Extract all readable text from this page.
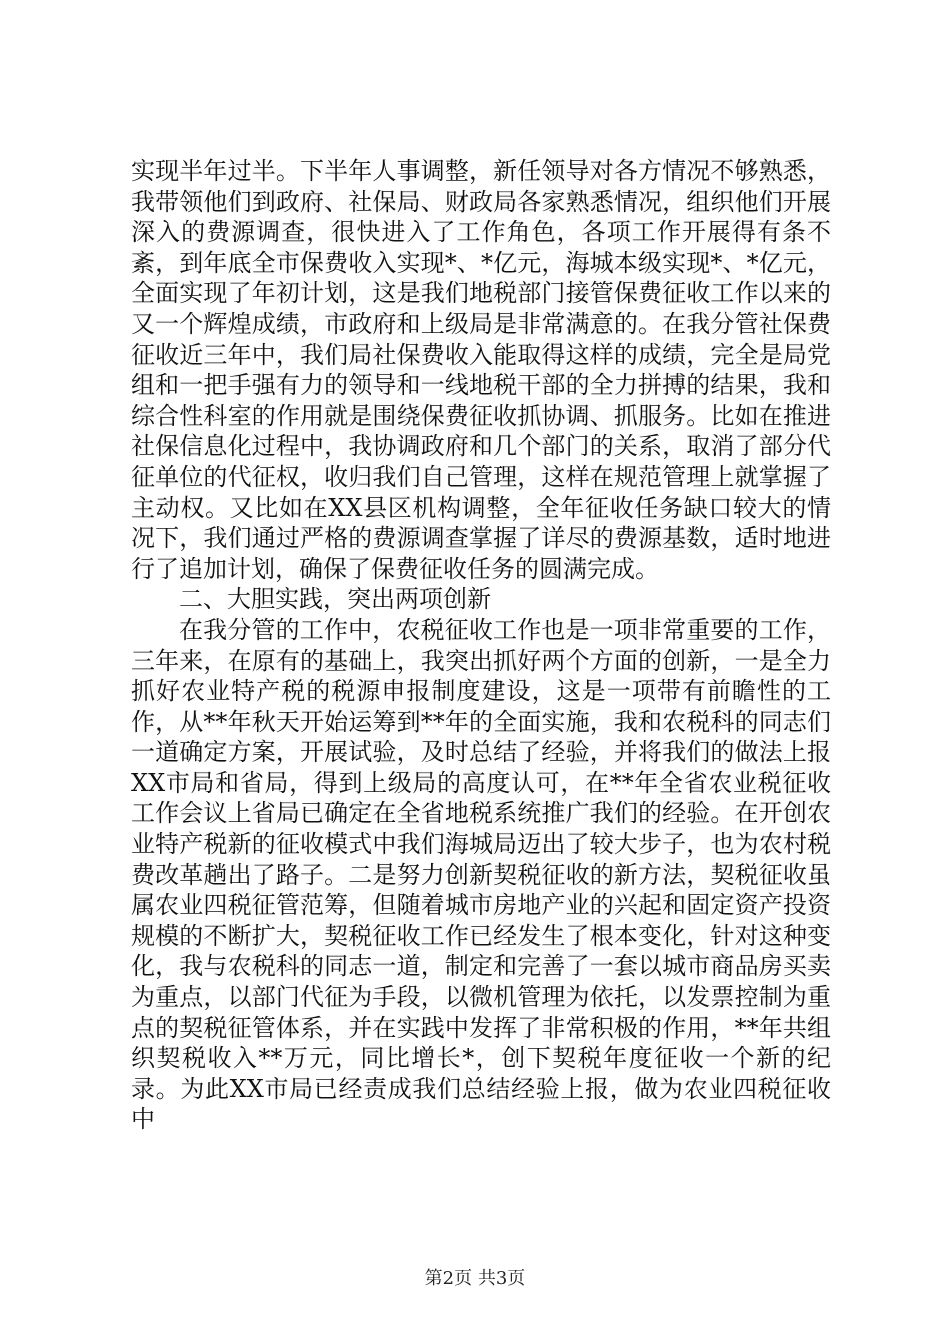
实现半年过半。下半年人事调整，新任领导对各方情况不够熟悉，我带领他们到政府、社保局、财政局各家熟悉情况，组织他们开展深入的费源调查，很快进入了工作角色，各项工作开展得有条不紊，到年底全市保费收入实现*、*亿元，海城本级实现*、*亿元，全面实现了年初计划，这是我们地税部门接管保费征收工作以来的又一个辉煌成绩，市政府和上级局是非常满意的。在我分管社保费征收近三年中，我们局社保费收入能取得这样的成绩，完全是局党组和一把手强有力的领导和一线地税干部的全力拼搏的结果，我和综合性科室的作用就是围绕保费征收抓协调、抓服务。比如在推进社保信息化过程中，我协调政府和几个部门的关系，取消了部分代征单位的代征权，收归我们自己管理，这样在规范管理上就掌握了主动权。又比如在XX县区机构调整，全年征收任务缺口较大的情况下，我们通过严格的费源调查掌握了详尽的费源基数，适时地进行了追加计划，确保了保费征收任务的圆满完成。

二、大胆实践，突出两项创新

在我分管的工作中，农税征收工作也是一项非常重要的工作，三年来，在原有的基础上，我突出抓好两个方面的创新，一是全力抓好农业特产税的税源申报制度建设，这是一项带有前瞻性的工作，从**年秋天开始运筹到**年的全面实施，我和农税科的同志们一道确定方案，开展试验，及时总结了经验，并将我们的做法上报XX市局和省局，得到上级局的高度认可，在**年全省农业税征收工作会议上省局已确定在全省地税系统推广我们的经验。在开创农业特产税新的征收模式中我们海城局迈出了较大步子，也为农村税费改革趟出了路子。二是努力创新契税征收的新方法，契税征收虽属农业四税征管范筹，但随着城市房地产业的兴起和固定资产投资规模的不断扩大，契税征收工作已经发生了根本变化，针对这种变化，我与农税科的同志一道，制定和完善了一套以城市商品房买卖为重点，以部门代征为手段，以微机管理为依托，以发票控制为重点的契税征管体系，并在实践中发挥了非常积极的作用，**年共组织契税收入**万元，同比增长*，创下契税年度征收一个新的纪录。为此XX市局已经责成我们总结经验上报，做为农业四税征收中

第2页 共3页
